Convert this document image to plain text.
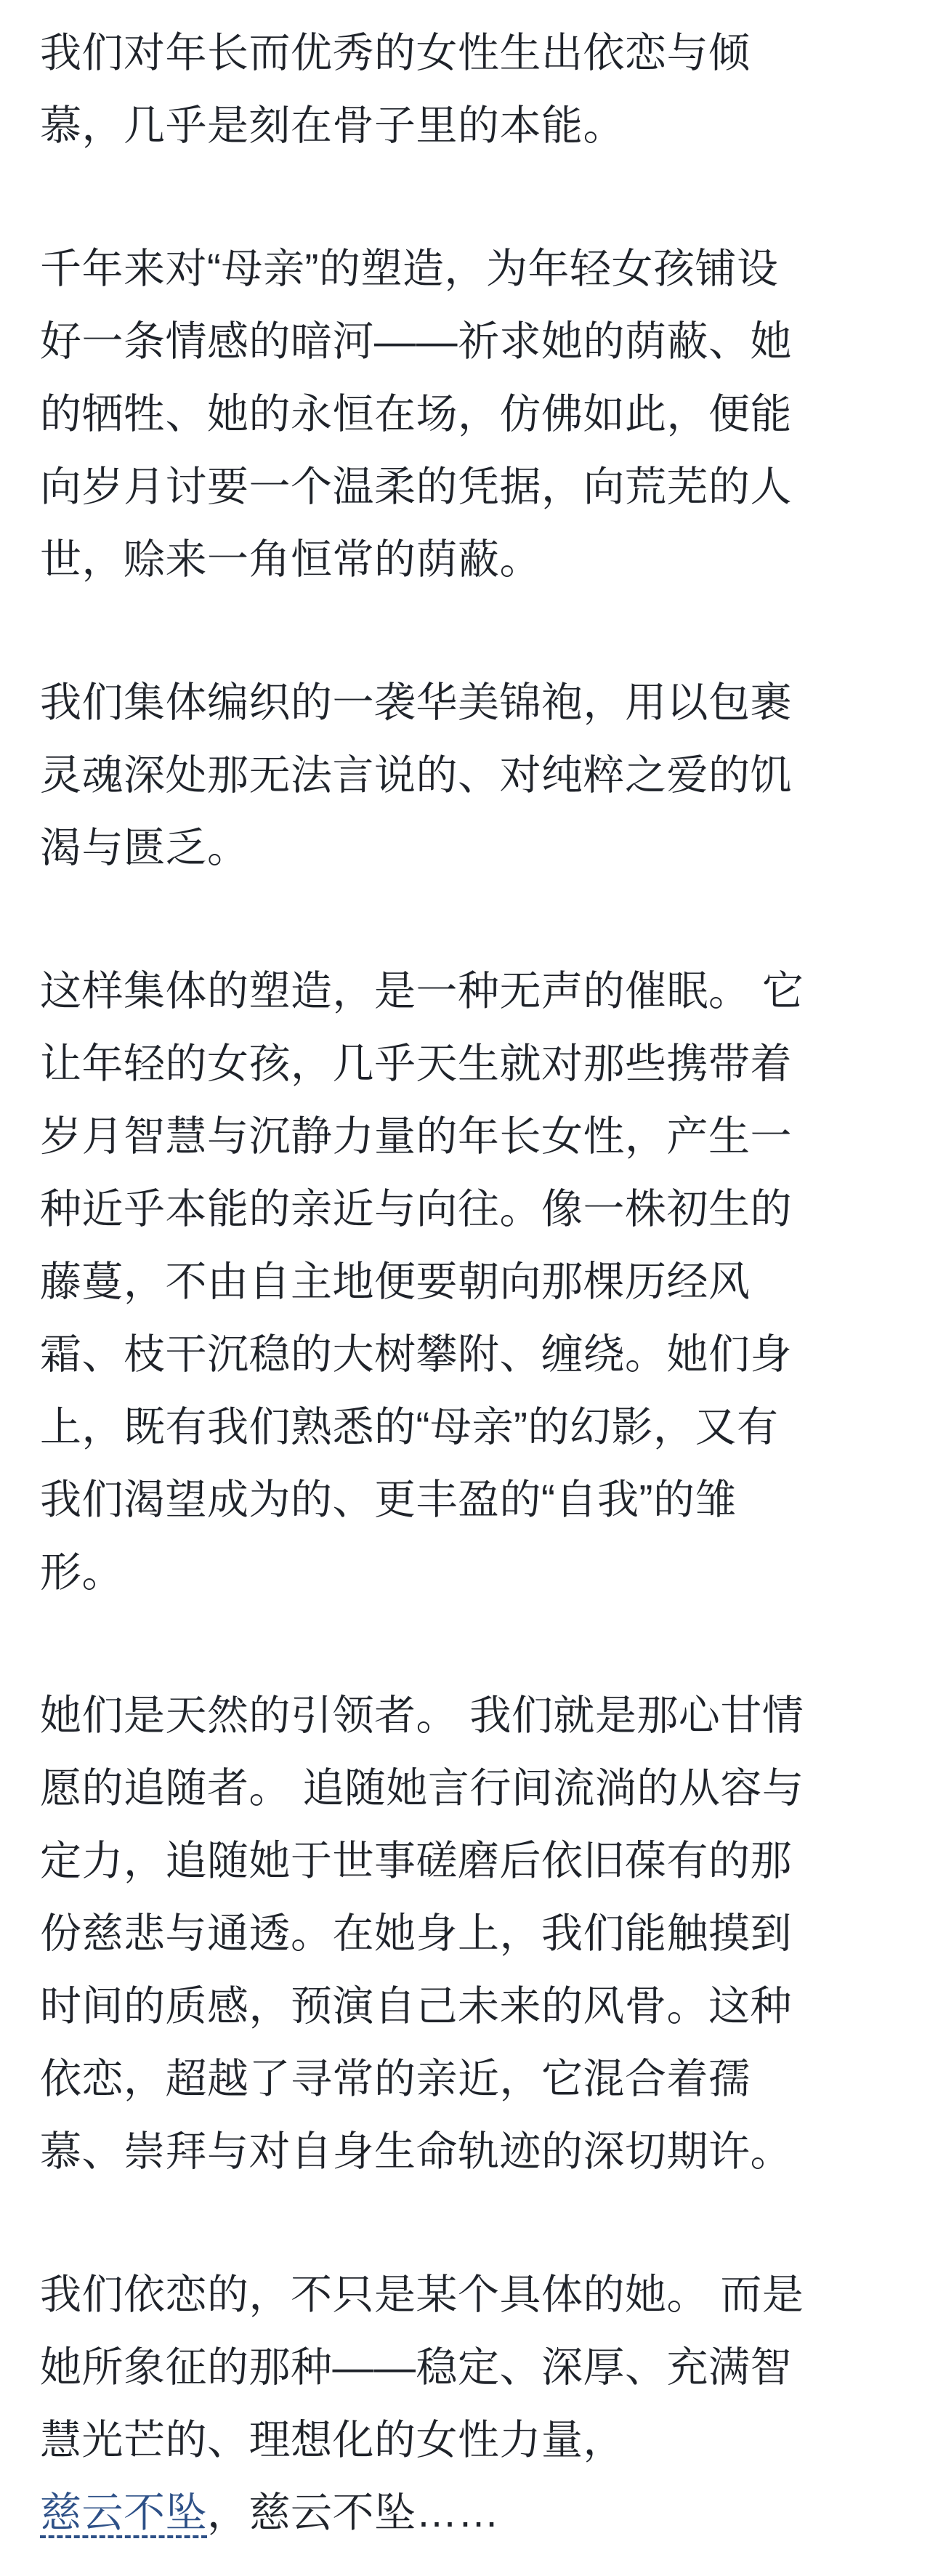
我们对年长而优秀的女性生出依恋与倾慕，几乎是刻在骨子里的本能。

千年来对“母亲”的塑造，为年轻女孩铺设好一条情感的暗河——祈求她的荫蔽、她的牺牲、她的永恒在场，仿佛如此，便能向岁月讨要一个温柔的凭据，向荒芜的人世，赊来一角恒常的荫蔽。

我们集体编织的一袭华美锦袍，用以包裹灵魂深处那无法言说的、对纯粹之爱的饥渴与匮乏。

这样集体的塑造，是一种无声的催眠。 它让年轻的女孩，几乎天生就对那些携带着岁月智慧与沉静力量的年长女性，产生一种近乎本能的亲近与向往。像一株初生的藤蔓，不由自主地便要朝向那棵历经风霜、枝干沉稳的大树攀附、缠绕。她们身上，既有我们熟悉的“母亲”的幻影，又有我们渴望成为的、更丰盈的“自我”的雏形。

她们是天然的引领者。 我们就是那心甘情愿的追随者。 追随她言行间流淌的从容与定力，追随她于世事磋磨后依旧葆有的那份慈悲与通透。在她身上，我们能触摸到时间的质感，预演自己未来的风骨。这种依恋，超越了寻常的亲近，它混合着孺慕、崇拜与对自身生命轨迹的深切期许。

我们依恋的，不只是某个具体的她。 而是她所象征的那种——稳定、深厚、充满智慧光芒的、理想化的女性力量，
慈云不坠，慈云不坠……
